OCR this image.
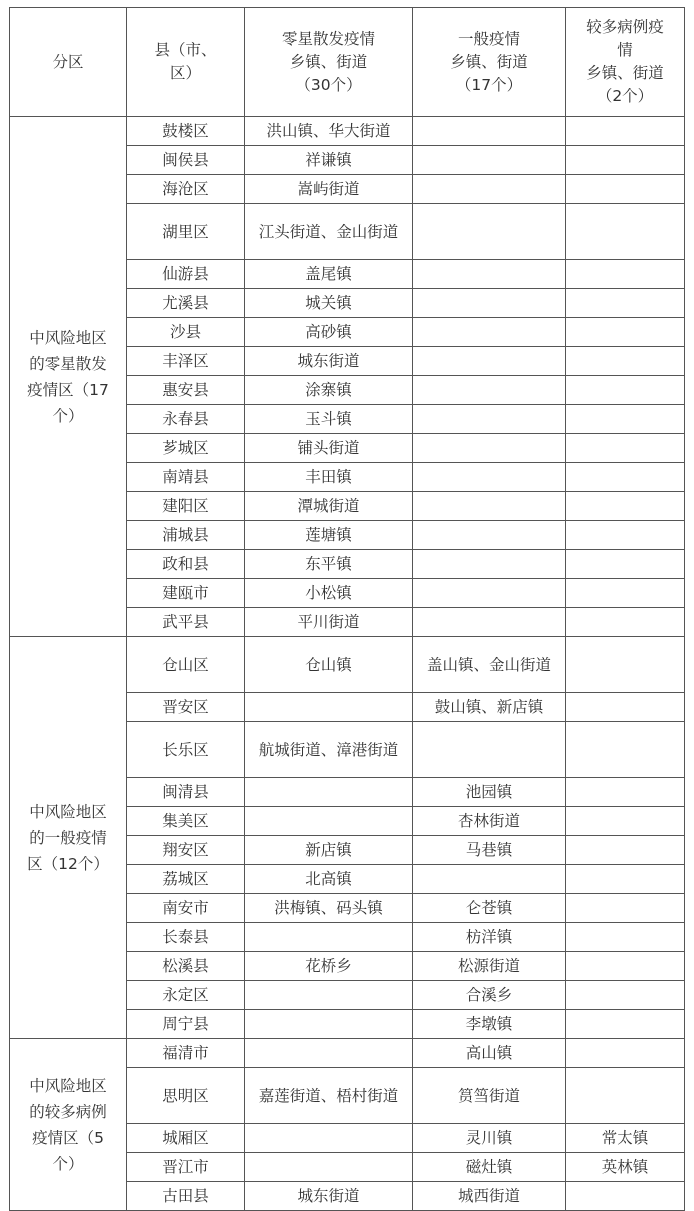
分区	县（市、
区）	零星散发疫情
乡镇、街道
（30个）	一般疫情
乡镇、街道
（17个）	较多病例疫
情
乡镇、街道
（2个）

中风险地区的零星散发疫情区（17个）	鼓楼区	洪山镇、华大街道		
	闽侯县	祥谦镇		
	海沧区	嵩屿街道		
	湖里区	江头街道、金山街道		
	仙游县	盖尾镇		
	尤溪县	城关镇		
	沙县	高砂镇		
	丰泽区	城东街道		
	惠安县	涂寨镇		
	永春县	玉斗镇		
	芗城区	铺头街道		
	南靖县	丰田镇		
	建阳区	潭城街道		
	浦城县	莲塘镇		
	政和县	东平镇		
	建瓯市	小松镇		
	武平县	平川街道		
中风险地区的一般疫情区（12个）	仓山区	仓山镇	盖山镇、金山街道	
	晋安区		鼓山镇、新店镇	
	长乐区	航城街道、漳港街道		
	闽清县		池园镇	
	集美区		杏林街道	
	翔安区	新店镇	马巷镇	
	荔城区	北高镇		
	南安市	洪梅镇、码头镇	仑苍镇	
	长泰县		枋洋镇	
	松溪县	花桥乡	松源街道	
	永定区		合溪乡	
	周宁县		李墩镇	
中风险地区的较多病例疫情区（5个）	福清市		高山镇	
	思明区	嘉莲街道、梧村街道	筼筜街道	
	城厢区		灵川镇	常太镇
	晋江市		磁灶镇	英林镇
	古田县	城东街道	城西街道	
